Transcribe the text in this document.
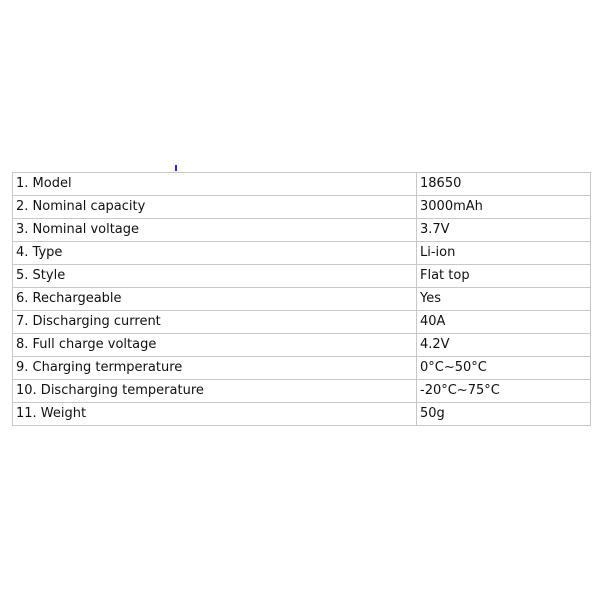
1. Model	18650
2. Nominal capacity	3000mAh
3. Nominal voltage	3.7V
4. Type	Li-ion
5. Style	Flat top
6. Rechargeable	Yes
7. Discharging current	40A
8. Full charge voltage	4.2V
9. Charging termperature	0°C~50°C
10. Discharging temperature	-20°C~75°C
11. Weight	50g
